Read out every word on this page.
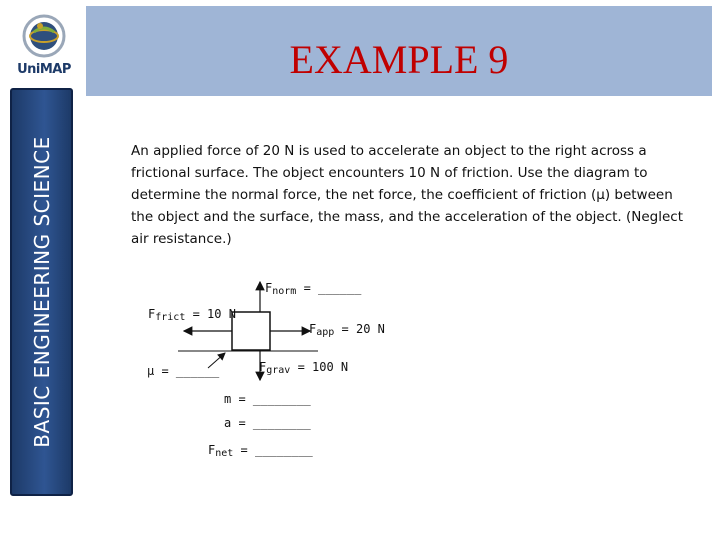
UniMAP
BASIC ENGINEERING SCIENCE
EXAMPLE 9
An applied force of 20 N is used to accelerate an object to the right across a frictional surface. The object encounters 10 N of friction. Use the diagram to determine the normal force, the net force, the coefficient of friction (μ) between the object and the surface, the mass, and the acceleration of the object. (Neglect air resistance.)
$F_{norm}$ = ______
$F_{frict} = 10$ N
$F_{app} = 20$ N
$F_{grav} = 100$ N
μ = ______
m = ________
a = ________
$F_{net}$ = ________
